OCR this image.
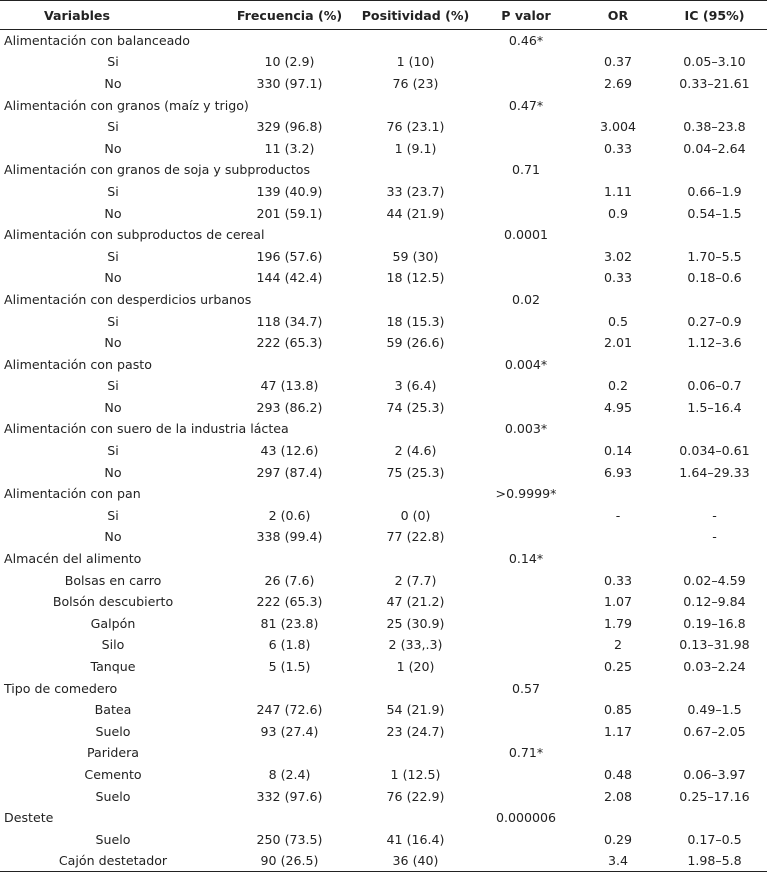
Variables	Frecuencia (%)	Positividad (%)	P valor	OR	IC (95%)
Alimentación con balanceado			0.46*		
Si	10 (2.9)	1 (10)		0.37	0.05–3.10
No	330 (97.1)	76 (23)		2.69	0.33–21.61
Alimentación con granos (maíz y trigo)			0.47*		
Si	329 (96.8)	76 (23.1)		3.004	0.38–23.8
No	11 (3.2)	1 (9.1)		0.33	0.04–2.64
Alimentación con granos de soja y subproductos			0.71		
Si	139 (40.9)	33 (23.7)		1.11	0.66–1.9
No	201 (59.1)	44 (21.9)		0.9	0.54–1.5
Alimentación con subproductos de cereal			0.0001		
Si	196 (57.6)	59 (30)		3.02	1.70–5.5
No	144 (42.4)	18 (12.5)		0.33	0.18–0.6
Alimentación con desperdicios urbanos			0.02		
Si	118 (34.7)	18 (15.3)		0.5	0.27–0.9
No	222 (65.3)	59 (26.6)		2.01	1.12–3.6
Alimentación con pasto			0.004*		
Si	47 (13.8)	3 (6.4)		0.2	0.06–0.7
No	293 (86.2)	74 (25.3)		4.95	1.5–16.4
Alimentación con suero de la industria láctea			0.003*		
Si	43 (12.6)	2 (4.6)		0.14	0.034–0.61
No	297 (87.4)	75 (25.3)		6.93	1.64–29.33
Alimentación con pan			>0.9999*		
Si	2 (0.6)	0 (0)		-	-
No	338 (99.4)	77 (22.8)			-
Almacén del alimento			0.14*		
Bolsas en carro	26 (7.6)	2 (7.7)		0.33	0.02–4.59
Bolsón descubierto	222 (65.3)	47 (21.2)		1.07	0.12–9.84
Galpón	81 (23.8)	25 (30.9)		1.79	0.19–16.8
Silo	6 (1.8)	2 (33,.3)		2	0.13–31.98
Tanque	5 (1.5)	1 (20)		0.25	0.03–2.24
Tipo de comedero			0.57		
Batea	247 (72.6)	54 (21.9)		0.85	0.49–1.5
Suelo	93 (27.4)	23 (24.7)		1.17	0.67–2.05
Paridera			0.71*		
Cemento	8 (2.4)	1 (12.5)		0.48	0.06–3.97
Suelo	332 (97.6)	76 (22.9)		2.08	0.25–17.16
Destete			0.000006		
Suelo	250 (73.5)	41 (16.4)		0.29	0.17–0.5
Cajón destetador	90 (26.5)	36 (40)		3.4	1.98–5.8
